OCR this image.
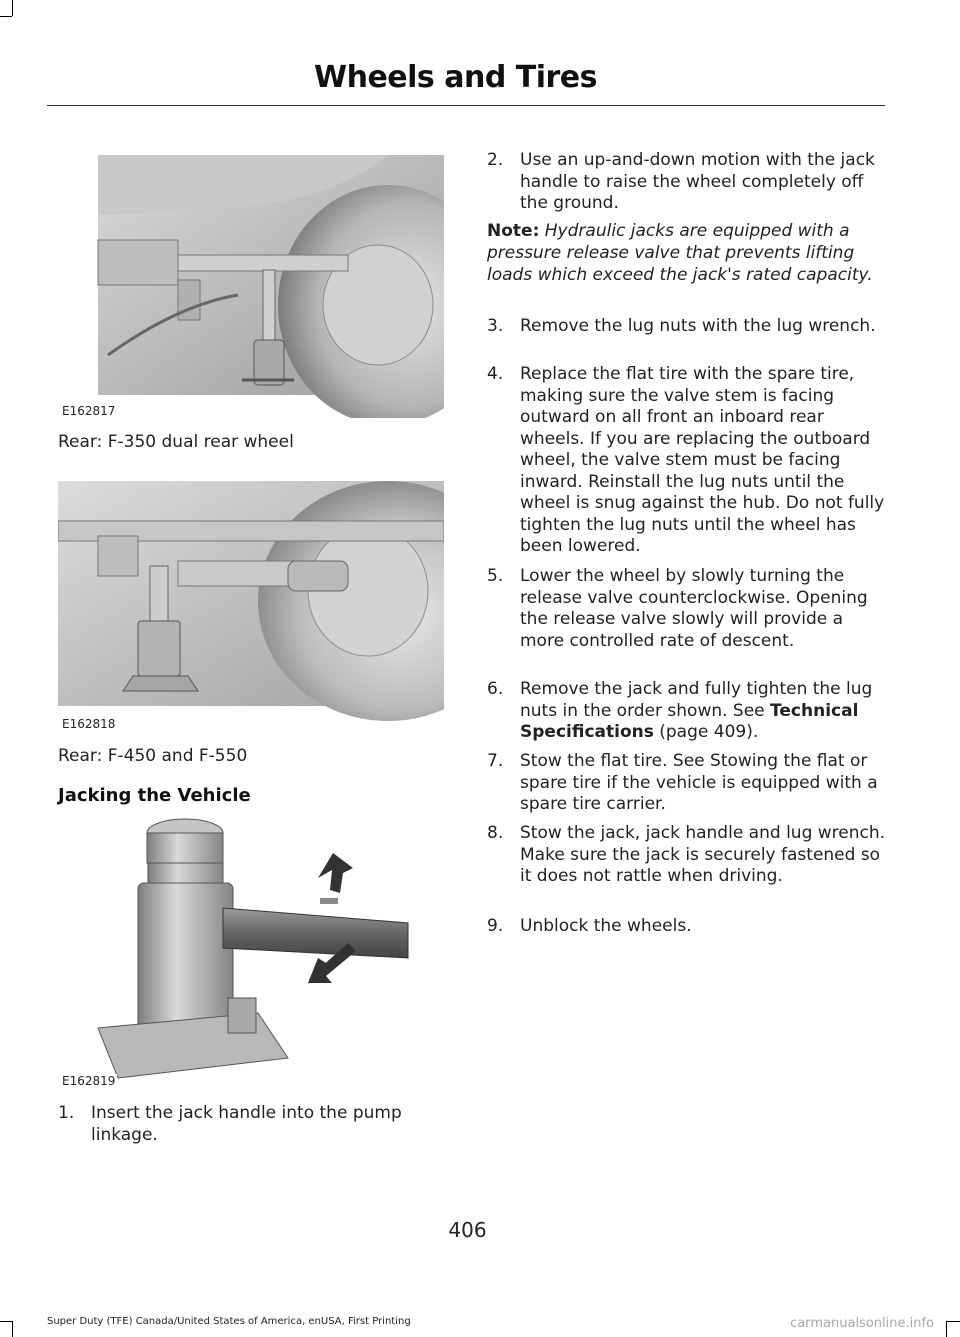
Wheels and Tires
E162817
Rear: F-350 dual rear wheel
E162818
Rear: F-450 and F-550
Jacking the Vehicle
E162819
1. Insert the jack handle into the pump linkage.
2. Use an up-and-down motion with the jack handle to raise the wheel completely off the ground.
Note: Hydraulic jacks are equipped with a pressure release valve that prevents lifting loads which exceed the jack's rated capacity.
3. Remove the lug nuts with the lug wrench.
4. Replace the flat tire with the spare tire, making sure the valve stem is facing outward on all front an inboard rear wheels. If you are replacing the outboard wheel, the valve stem must be facing inward. Reinstall the lug nuts until the wheel is snug against the hub. Do not fully tighten the lug nuts until the wheel has been lowered.
5. Lower the wheel by slowly turning the release valve counterclockwise. Opening the release valve slowly will provide a more controlled rate of descent.
6. Remove the jack and fully tighten the lug nuts in the order shown. See Technical Specifications (page 409).
7. Stow the flat tire. See Stowing the flat or spare tire if the vehicle is equipped with a spare tire carrier.
8. Stow the jack, jack handle and lug wrench. Make sure the jack is securely fastened so it does not rattle when driving.
9. Unblock the wheels.
406
Super Duty (TFE) Canada/United States of America, enUSA, First Printing	carmanualsonline.info
